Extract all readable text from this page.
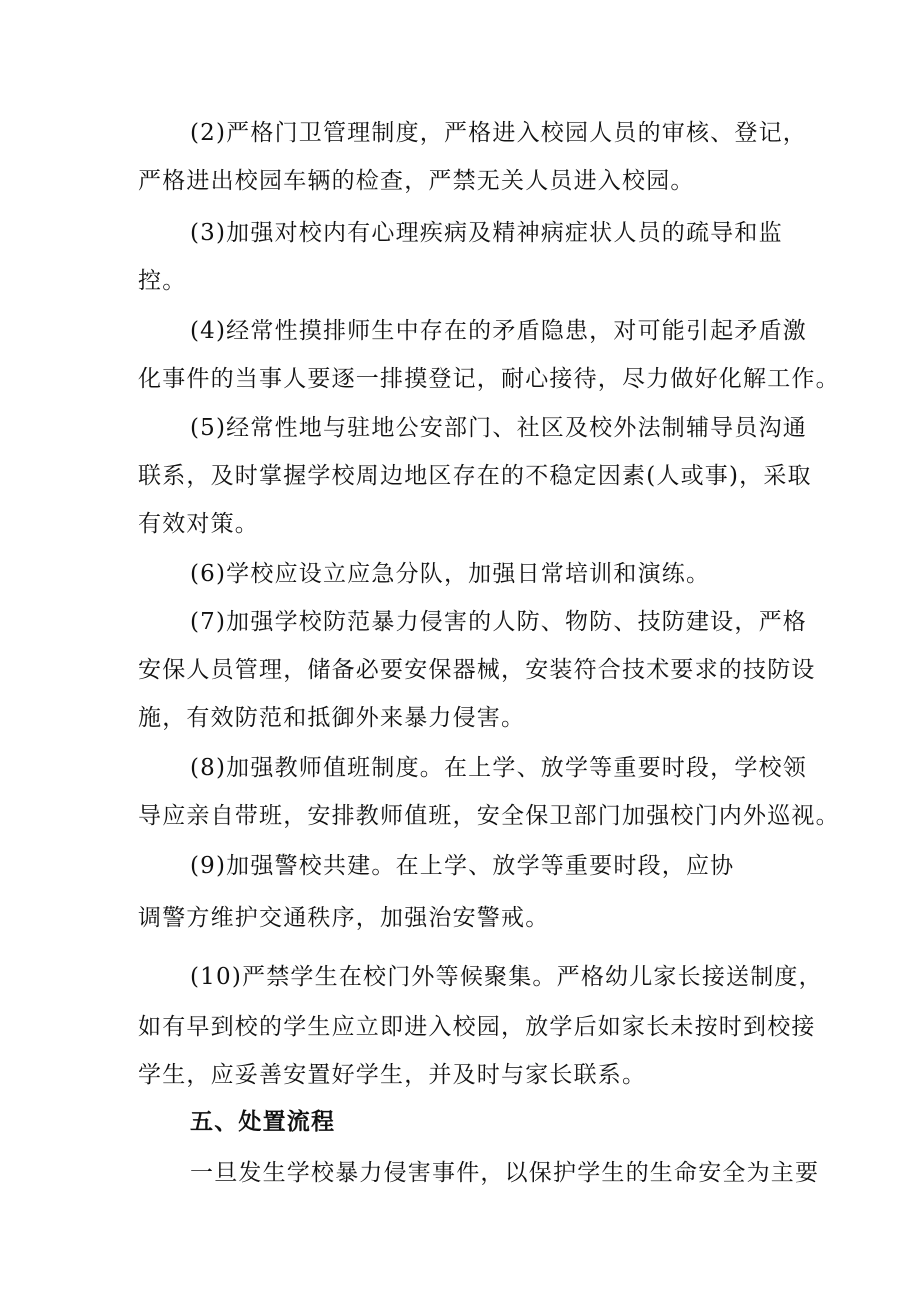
(2)严格门卫管理制度，严格进入校园人员的审核、登记，
严格进出校园车辆的检查，严禁无关人员进入校园。
(3)加强对校内有心理疾病及精神病症状人员的疏导和监
控。
(4)经常性摸排师生中存在的矛盾隐患，对可能引起矛盾激
化事件的当事人要逐一排摸登记，耐心接待，尽力做好化解工作。
(5)经常性地与驻地公安部门、社区及校外法制辅导员沟通
联系，及时掌握学校周边地区存在的不稳定因素(人或事)，采取
有效对策。
(6)学校应设立应急分队，加强日常培训和演练。
(7)加强学校防范暴力侵害的人防、物防、技防建设，严格
安保人员管理，储备必要安保器械，安装符合技术要求的技防设
施，有效防范和抵御外来暴力侵害。
(8)加强教师值班制度。在上学、放学等重要时段，学校领
导应亲自带班，安排教师值班，安全保卫部门加强校门内外巡视。
(9)加强警校共建。在上学、放学等重要时段，应协
调警方维护交通秩序，加强治安警戒。
(10)严禁学生在校门外等候聚集。严格幼儿家长接送制度，
如有早到校的学生应立即进入校园，放学后如家长未按时到校接
学生，应妥善安置好学生，并及时与家长联系。
五、处置流程
一旦发生学校暴力侵害事件，以保护学生的生命安全为主要
